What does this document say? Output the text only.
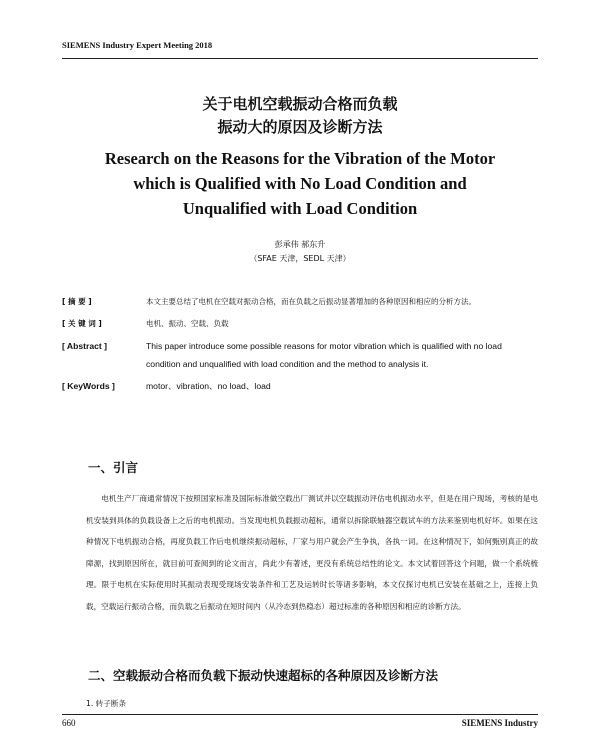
SIEMENS Industry Expert Meeting 2018
关于电机空载振动合格而负载
振动大的原因及诊断方法
Research on the Reasons for the Vibration of the Motor
which is Qualified with No Load Condition and
Unqualified with Load Condition
彭承伟 郝东升
（SFAE 天津，SEDL 天津）
[ 摘 要 ]	本文主要总结了电机在空载对振动合格，而在负载之后振动显著增加的各种原因和相应的分析方法。
[ 关 键 词 ]	电机、振动、空载、负载
[ Abstract ]	This paper introduce some possible reasons for motor vibration which is qualified with no load condition and unqualified with load condition and the method to analysis it.
[ KeyWords ]	motor、vibration、no load、load
一、引言
电机生产厂商通常情况下按照国家标准及国际标准做空载出厂测试并以空载振动评估电机振动水平，但是在用户现场，考核的是电机安装到具体的负载设备上之后的电机振动。当发现电机负载振动超标，通常以拆除联轴器空载试车的方法来鉴别电机好坏。如果在这种情况下电机振动合格，再度负载工作后电机继续振动超标，厂家与用户就会产生争执，各执一词。在这种情况下，如何甄别真正的故障源，找到原因所在，就目前可查阅到的论文而言，尚此少有著述，更没有系统总结性的论文。本文试着回答这个问题，做一个系统梳理。限于电机在实际使用时其振动表现受现场安装条件和工艺及运转时长等诸多影响，本文仅探讨电机已安装在基础之上，连接上负载，空载运行振动合格，而负载之后振动在短时间内（从冷态到热稳态）超过标准的各种原因和相应的诊断方法。
二、空载振动合格而负载下振动快速超标的各种原因及诊断方法
1. 转子断条
660	SIEMENS Industry
